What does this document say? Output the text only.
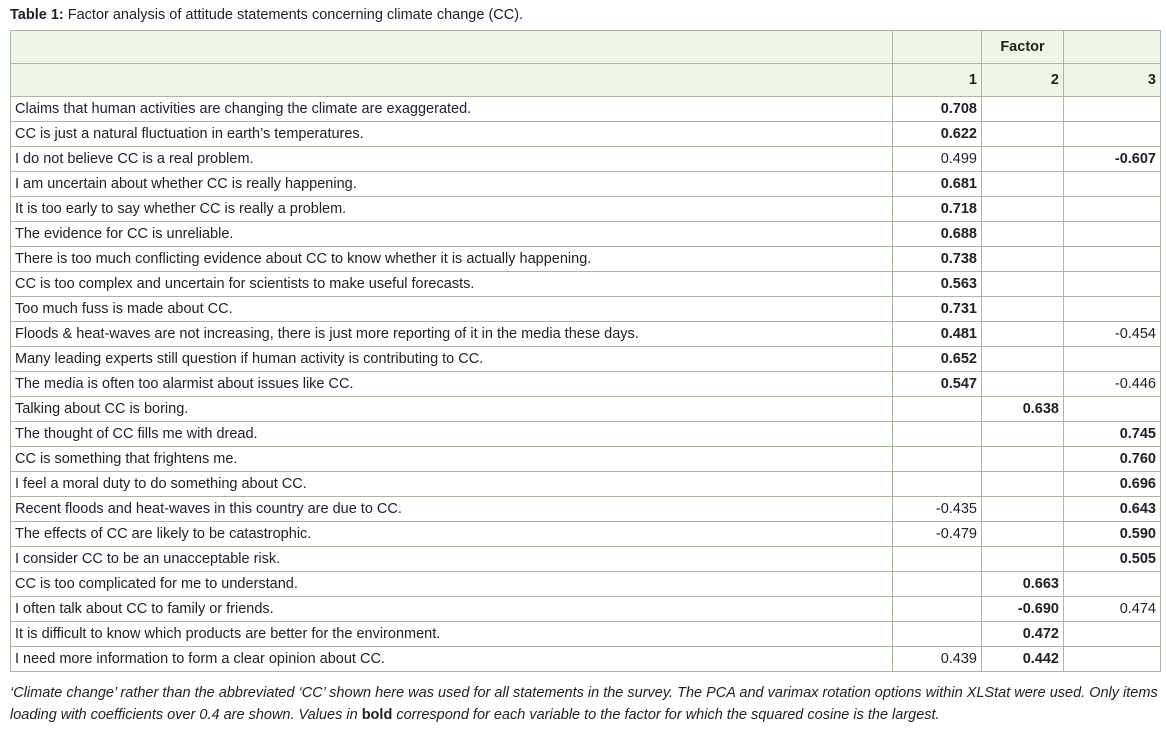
Table 1: Factor analysis of attitude statements concerning climate change (CC).
		Factor	
	1	2	3
Claims that human activities are changing the climate are exaggerated.	0.708		
CC is just a natural fluctuation in earth’s temperatures.	0.622		
I do not believe CC is a real problem.	0.499		-0.607
I am uncertain about whether CC is really happening.	0.681		
It is too early to say whether CC is really a problem.	0.718		
The evidence for CC is unreliable.	0.688		
There is too much conflicting evidence about CC to know whether it is actually happening.	0.738		
CC is too complex and uncertain for scientists to make useful forecasts.	0.563		
Too much fuss is made about CC.	0.731		
Floods & heat-waves are not increasing, there is just more reporting of it in the media these days.	0.481		-0.454
Many leading experts still question if human activity is contributing to CC.	0.652		
The media is often too alarmist about issues like CC.	0.547		-0.446
Talking about CC is boring.		0.638	
The thought of CC fills me with dread.			0.745
CC is something that frightens me.			0.760
I feel a moral duty to do something about CC.			0.696
Recent floods and heat-waves in this country are due to CC.	-0.435		0.643
The effects of CC are likely to be catastrophic.	-0.479		0.590
I consider CC to be an unacceptable risk.			0.505
CC is too complicated for me to understand.		0.663	
I often talk about CC to family or friends.		-0.690	0.474
It is difficult to know which products are better for the environment.		0.472	
I need more information to form a clear opinion about CC.	0.439	0.442	
‘Climate change’ rather than the abbreviated ‘CC’ shown here was used for all statements in the survey. The PCA and varimax rotation options within XLStat were used. Only items loading with coefficients over 0.4 are shown. Values in bold correspond for each variable to the factor for which the squared cosine is the largest.
